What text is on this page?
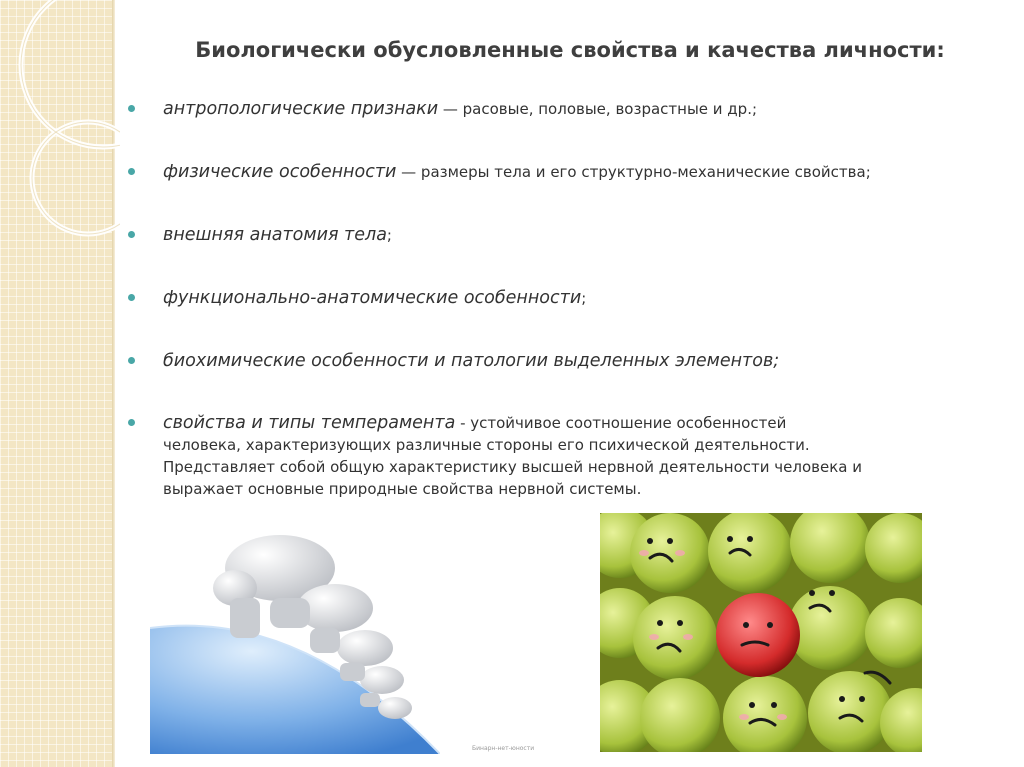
Биологически обусловленные свойства и качества личности:
антропологические признаки — расовые, половые, возрастные и др.;
физические особенности — размеры тела и его структурно-механические свойства;
внешняя анатомия тела;
функционально-анатомические особенности;
биохимические особенности и патологии выделенных элементов;
свойства и типы темперамента - устойчивое соотношение особенностей
человека, характеризующих различные стороны его психической деятельности.
Представляет собой общую характеристику высшей нервной деятельности человека и
выражает основные природные свойства нервной системы.
Бинарн-нет-юности
